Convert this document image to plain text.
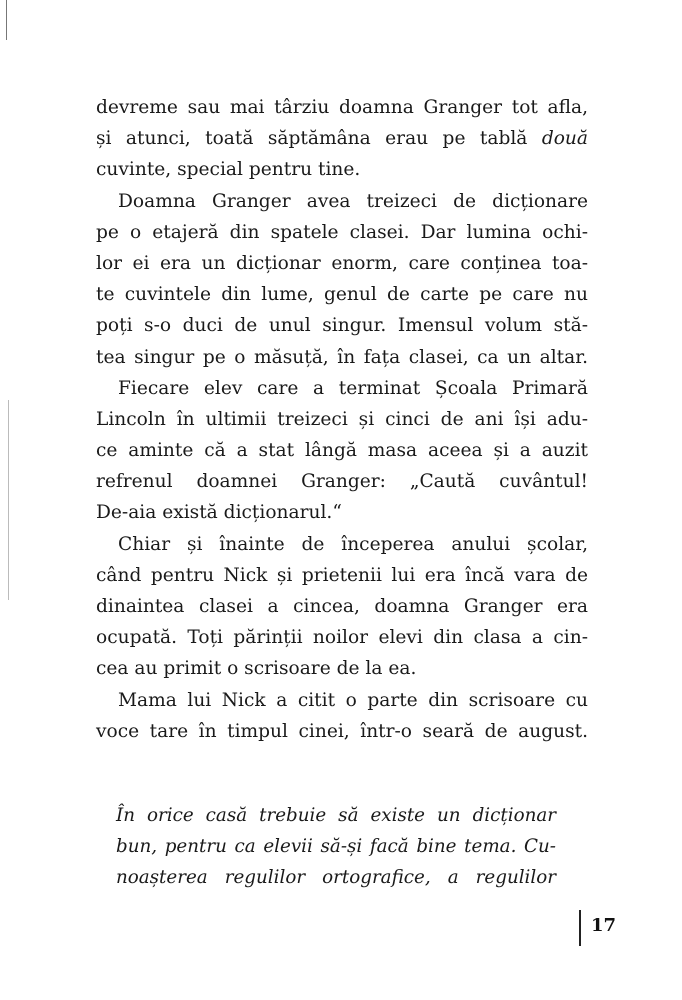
devreme sau mai târziu doamna Granger tot afla,
și atunci, toată săptămâna erau pe tablă două
cuvinte, special pentru tine.
Doamna Granger avea treizeci de dicționare
pe o etajeră din spatele clasei. Dar lumina ochi-
lor ei era un dicționar enorm, care conținea toa-
te cuvintele din lume, genul de carte pe care nu
poți s-o duci de unul singur. Imensul volum stă-
tea singur pe o măsuță, în fața clasei, ca un altar.
Fiecare elev care a terminat Școala Primară
Lincoln în ultimii treizeci și cinci de ani își adu-
ce aminte că a stat lângă masa aceea și a auzit
refrenul doamnei Granger: „Caută cuvântul!
De-aia există dicționarul.“
Chiar și înainte de începerea anului școlar,
când pentru Nick și prietenii lui era încă vara de
dinaintea clasei a cincea, doamna Granger era
ocupată. Toți părinții noilor elevi din clasa a cin-
cea au primit o scrisoare de la ea.
Mama lui Nick a citit o parte din scrisoare cu
voce tare în timpul cinei, într-o seară de august.
În orice casă trebuie să existe un dicționar
bun, pentru ca elevii să-și facă bine tema. Cu-
noașterea regulilor ortografice, a regulilor
17
